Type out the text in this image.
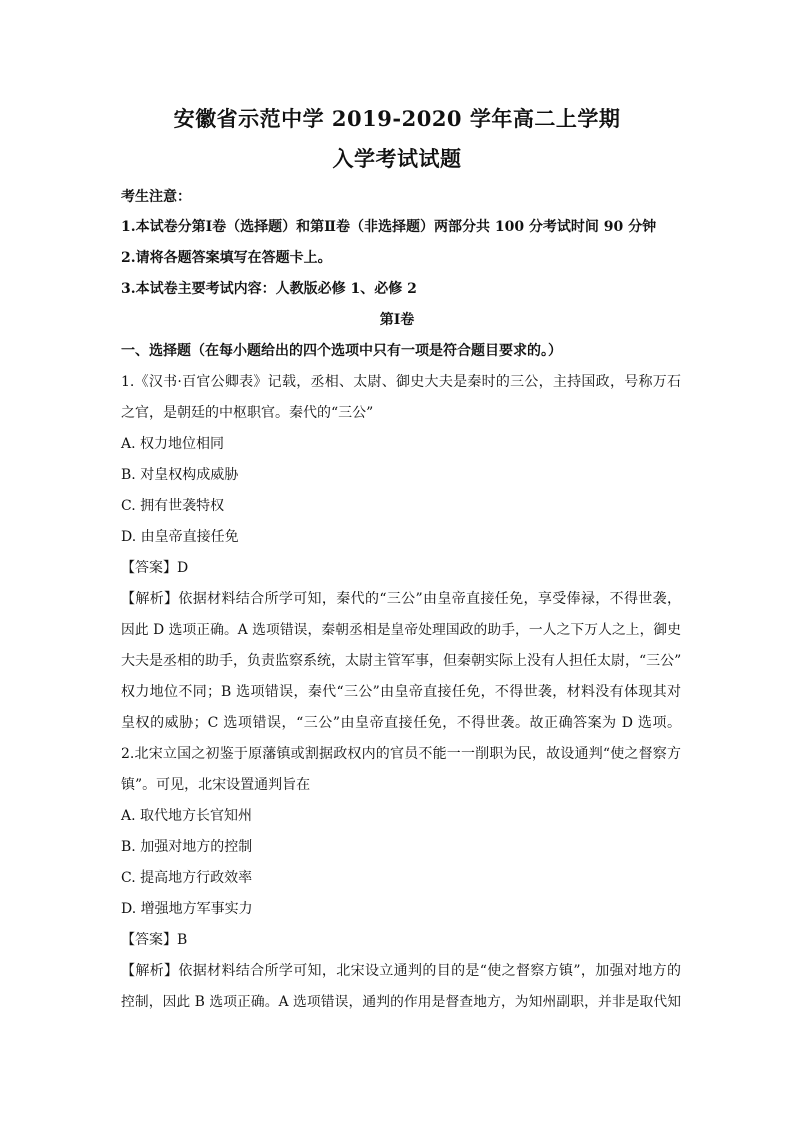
安徽省示范中学 2019-2020 学年高二上学期
入学考试试题
考生注意：
1.本试卷分第Ⅰ卷（选择题）和第Ⅱ卷（非选择题）两部分共 100 分考试时间 90 分钟
2.请将各题答案填写在答题卡上。
3.本试卷主要考试内容：人教版必修 1、必修 2
第Ⅰ卷
一、选择题（在每小题给出的四个选项中只有一项是符合题目要求的。）
1.《汉书·百官公卿表》记载，丞相、太尉、御史大夫是秦时的三公，主持国政，号称万石
之官，是朝廷的中枢职官。秦代的“三公”
A. 权力地位相同
B. 对皇权构成威胁
C. 拥有世袭特权
D. 由皇帝直接任免
【答案】D
【解析】依据材料结合所学可知，秦代的“三公”由皇帝直接任免，享受俸禄，不得世袭，
因此 D 选项正确。A 选项错误，秦朝丞相是皇帝处理国政的助手，一人之下万人之上，御史
大夫是丞相的助手，负责监察系统，太尉主管军事，但秦朝实际上没有人担任太尉，“三公”
权力地位不同；B 选项错误，秦代“三公”由皇帝直接任免，不得世袭，材料没有体现其对
皇权的威胁；C 选项错误，“三公”由皇帝直接任免，不得世袭。故正确答案为 D 选项。
2.北宋立国之初鉴于原藩镇或割据政权内的官员不能一一削职为民，故设通判“使之督察方
镇”。可见，北宋设置通判旨在
A. 取代地方长官知州
B. 加强对地方的控制
C. 提高地方行政效率
D. 增强地方军事实力
【答案】B
【解析】依据材料结合所学可知，北宋设立通判的目的是“使之督察方镇”，加强对地方的
控制，因此 B 选项正确。A 选项错误，通判的作用是督查地方，为知州副职，并非是取代知
